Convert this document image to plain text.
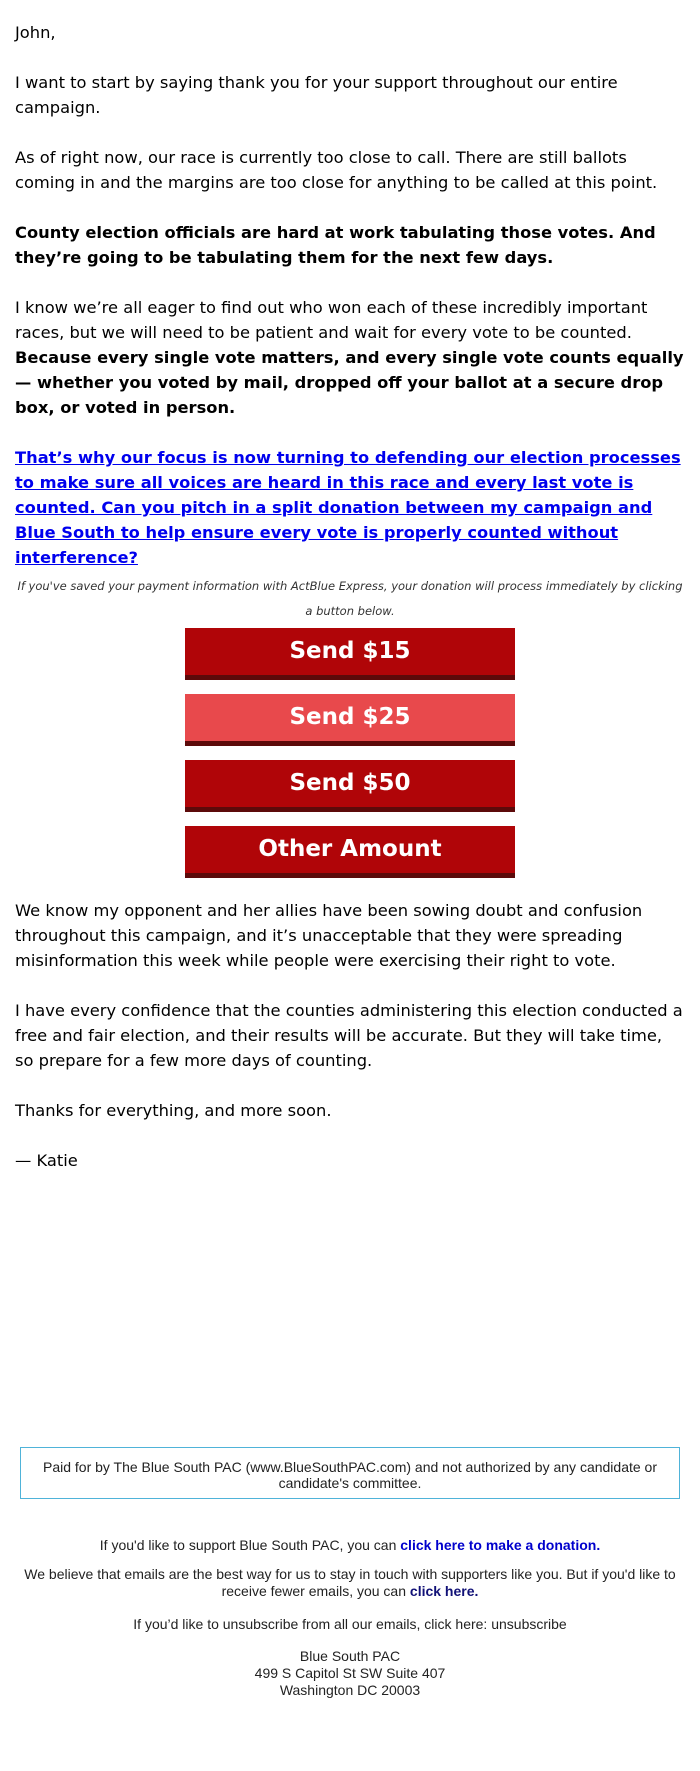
John,

I want to start by saying thank you for your support throughout our entire campaign.

As of right now, our race is currently too close to call. There are still ballots coming in and the margins are too close for anything to be called at this point.

County election officials are hard at work tabulating those votes. And they’re going to be tabulating them for the next few days.

I know we’re all eager to find out who won each of these incredibly important races, but we will need to be patient and wait for every vote to be counted. Because every single vote matters, and every single vote counts equally — whether you voted by mail, dropped off your ballot at a secure drop box, or voted in person.

That’s why our focus is now turning to defending our election processes to make sure all voices are heard in this race and every last vote is counted. Can you pitch in a split donation between my campaign and Blue South to help ensure every vote is properly counted without interference?

If you've saved your payment information with ActBlue Express, your donation will process immediately by clicking a button below.
Send $15
Send $25
Send $50
Other Amount

We know my opponent and her allies have been sowing doubt and confusion throughout this campaign, and it’s unacceptable that they were spreading misinformation this week while people were exercising their right to vote.

I have every confidence that the counties administering this election conducted a free and fair election, and their results will be accurate. But they will take time, so prepare for a few more days of counting.

Thanks for everything, and more soon.

— Katie

Paid for by The Blue South PAC (www.BlueSouthPAC.com) and not authorized by any candidate or candidate's committee.
If you'd like to support Blue South PAC, you can click here to make a donation.
We believe that emails are the best way for us to stay in touch with supporters like you. But if you'd like to receive fewer emails, you can click here.
If you’d like to unsubscribe from all our emails, click here: unsubscribe
Blue South PAC
499 S Capitol St SW Suite 407
Washington DC 20003
